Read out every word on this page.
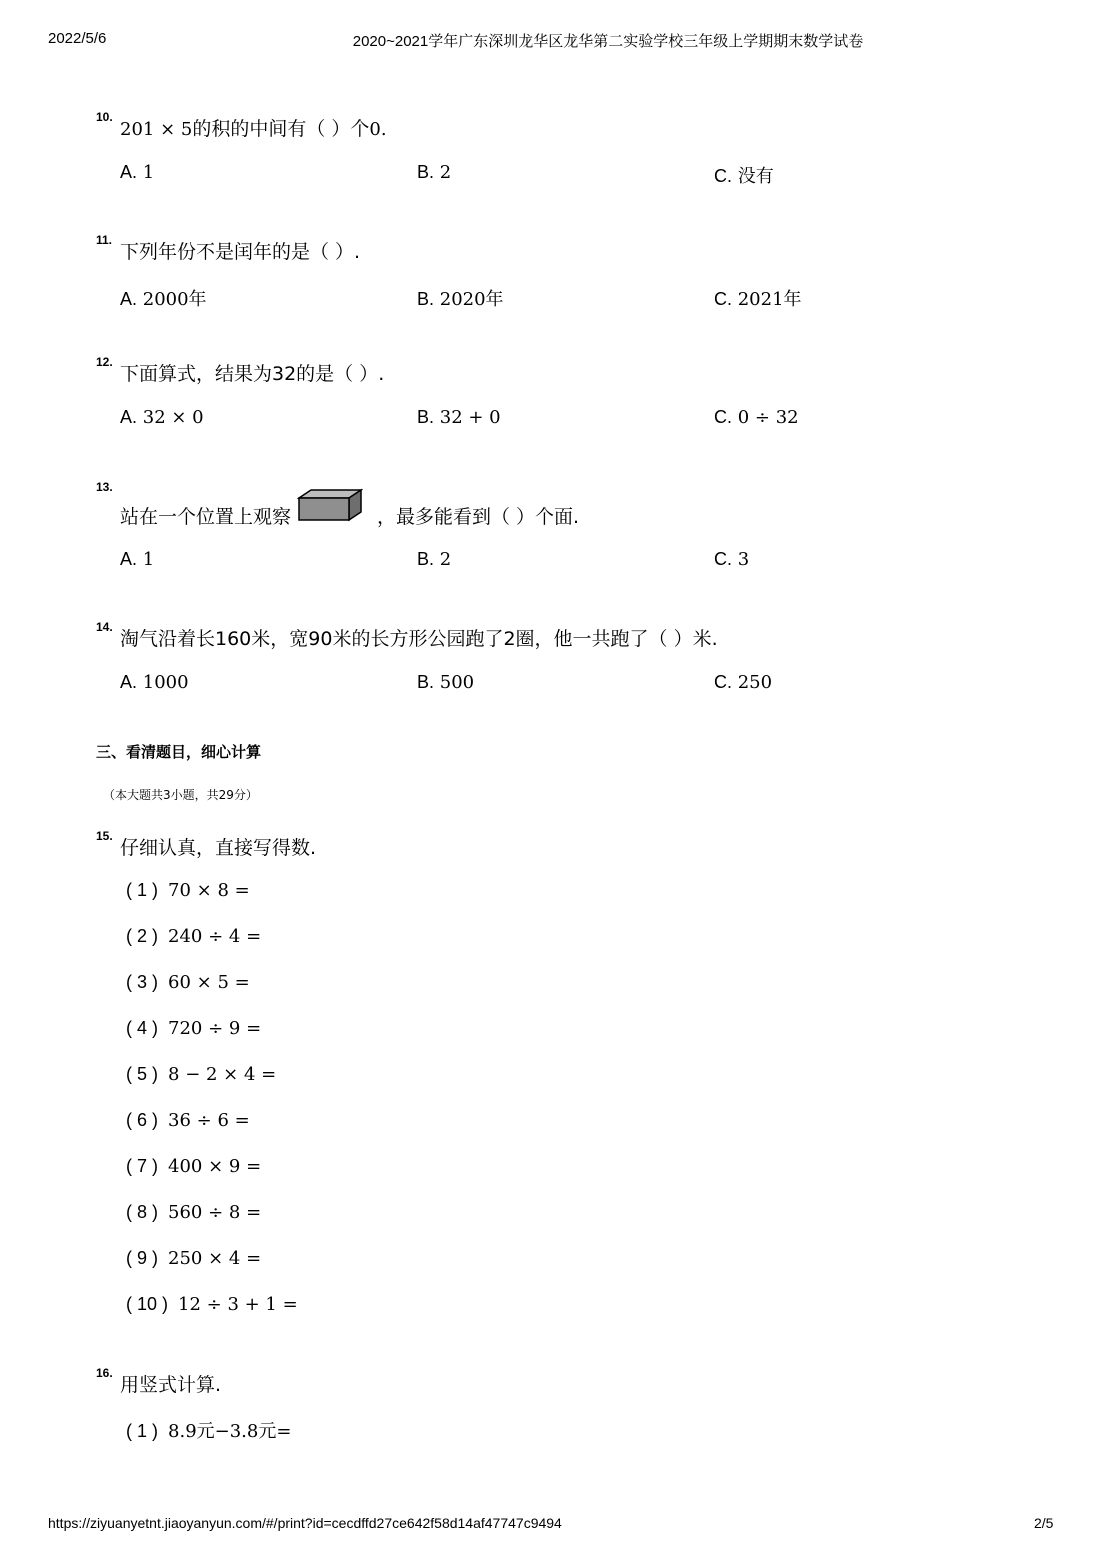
2022/5/6	2020~2021学年广东深圳龙华区龙华第二实验学校三年级上学期期末数学试卷
10.
201 × 5的积的中间有（ ）个0.
A. 1	B. 2	C. 没有
11.
下列年份不是闰年的是（ ）.
A. 2000年	B. 2020年	C. 2021年
12.
下面算式，结果为32的是（ ）.
A. 32 × 0	B. 32 + 0	C. 0 ÷ 32
13.
站在一个位置上观察	，最多能看到（ ）个面.
A. 1	B. 2	C. 3
14.
淘气沿着长160米，宽90米的长方形公园跑了2圈，他一共跑了（ ）米.
A. 1000	B. 500	C. 250
三、看清题目，细心计算
（本大题共3小题，共29分）
15.
仔细认真，直接写得数.
( 1 ) 70 × 8 =
( 2 ) 240 ÷ 4 =
( 3 ) 60 × 5 =
( 4 ) 720 ÷ 9 =
( 5 ) 8 − 2 × 4 =
( 6 ) 36 ÷ 6 =
( 7 ) 400 × 9 =
( 8 ) 560 ÷ 8 =
( 9 ) 250 × 4 =
( 10 ) 12 ÷ 3 + 1 =
16.
用竖式计算.
( 1 ) 8.9元−3.8元=
https://ziyuanyetnt.jiaoyanyun.com/#/print?id=cecdffd27ce642f58d14af47747c9494	2/5
